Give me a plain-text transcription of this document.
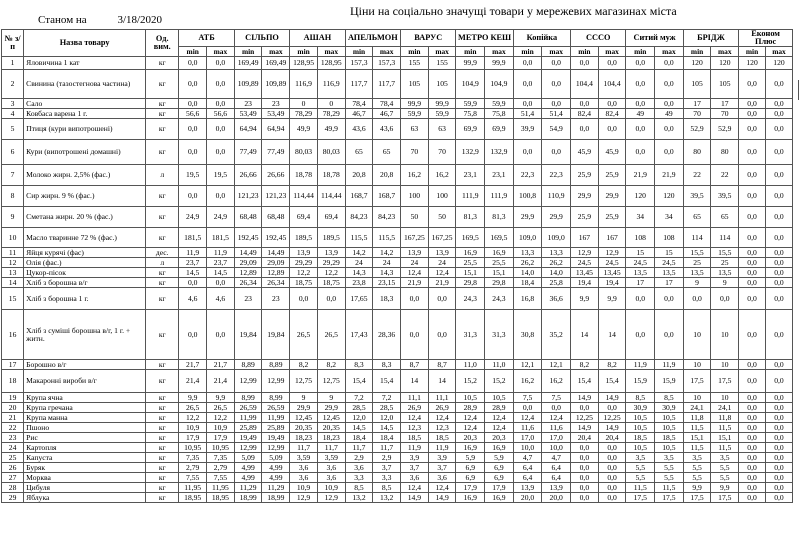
Станом на	3/18/2020
Ціни на соціально значущі товари у мережевих магазинах міста
№ з/п	Назва товару	Од. вим.	АТБ		СІЛЬПО		АШАН		АПЕЛЬМОН		ВАРУС		МЕТРО КЕШ		Копійка		СССО		Ситий муж		БРІДЖ		Економ Плюс	
			min	max	min	max	min	max	min	max	min	max	min	max	min	max	min	max	min	max	min	max	min	max
1	Яловичина 1 кат	кг	0,0	0,0	169,49	169,49	128,95	128,95	157,3	157,3	155	155	99,9	99,9	0,0	0,0	0,0	0,0	0,0	0,0	120	120	120	120
2	Свинина (тазостегнова частина)	кг	0,0	0,0	109,89	109,89	116,9	116,9	117,7	117,7	105	105	104,9	104,9	0,0	0,0	104,4	104,4	0,0	0,0	105	105	0,0	0,0
3	Сало	кг	0,0	0,0	23	23	0	0	78,4	78,4	99,9	99,9	59,9	59,9	0,0	0,0	0,0	0,0	0,0	0,0	17	17	0,0	0,0
4	Ковбаса варена 1 г.	кг	56,6	56,6	53,49	53,49	78,29	78,29	46,7	46,7	59,9	59,9	75,8	75,8	51,4	51,4	82,4	82,4	49	49	70	70	0,0	0,0
5	Птиця (кури випотрошені)	кг	0,0	0,0	64,94	64,94	49,9	49,9	43,6	43,6	63	63	69,9	69,9	39,9	54,9	0,0	0,0	0,0	0,0	52,9	52,9	0,0	0,0
6	Кури (випотрошені домашні)	кг	0,0	0,0	77,49	77,49	80,03	80,03	65	65	70	70	132,9	132,9	0,0	0,0	45,9	45,9	0,0	0,0	80	80	0,0	0,0
7	Молоко жирн. 2,5% (фас.)	л	19,5	19,5	26,66	26,66	18,78	18,78	20,8	20,8	16,2	16,2	23,1	23,1	22,3	22,3	25,9	25,9	21,9	21,9	22	22	0,0	0,0
8	Сир жирн. 9 % (фас.)	кг	0,0	0,0	121,23	121,23	114,44	114,44	168,7	168,7	100	100	111,9	111,9	100,8	110,9	29,9	29,9	120	120	39,5	39,5	0,0	0,0
9	Сметана жирн. 20 % (фас.)	кг	24,9	24,9	68,48	68,48	69,4	69,4	84,23	84,23	50	50	81,3	81,3	29,9	29,9	25,9	25,9	34	34	65	65	0,0	0,0
10	Масло тваринне 72 % (фас.)	кг	181,5	181,5	192,45	192,45	189,5	189,5	115,5	115,5	167,25	167,25	169,5	169,5	109,0	109,0	167	167	108	108	114	114	0,0	0,0
11	Яйця курячі (фас)	дес.	11,9	11,9	14,49	14,49	13,9	13,9	14,2	14,2	13,9	13,9	16,9	16,9	13,3	13,3	12,9	12,9	15	15	15,5	15,5	0,0	0,0
12	Олія (фас.)	л	23,7	23,7	29,09	29,09	29,29	29,29	24	24	24	24	25,5	25,5	26,2	26,2	24,5	24,5	24,5	24,5	25	25	0,0	0,0
13	Цукор-пісок	кг	14,5	14,5	12,89	12,89	12,2	12,2	14,3	14,3	12,4	12,4	15,1	15,1	14,0	14,0	13,45	13,45	13,5	13,5	13,5	13,5	0,0	0,0
14	Хліб з борошна в/г	кг	0,0	0,0	26,34	26,34	18,75	18,75	23,8	23,15	21,9	21,9	29,8	29,8	18,4	25,8	19,4	19,4	17	17	9	9	0,0	0,0
15	Хліб з борошна 1 г.	кг	4,6	4,6	23	23	0,0	0,0	17,65	18,3	0,0	0,0	24,3	24,3	16,8	36,6	9,9	9,9	0,0	0,0	0,0	0,0	0,0	0,0
16	Хліб з суміші борошна в/г, 1 г. + житн.	кг	0,0	0,0	19,84	19,84	26,5	26,5	17,43	28,36	0,0	0,0	31,3	31,3	30,8	35,2	14	14	0,0	0,0	10	10	0,0	0,0
17	Борошно в/г	кг	21,7	21,7	8,89	8,89	8,2	8,2	8,3	8,3	8,7	8,7	11,0	11,0	12,1	12,1	8,2	8,2	11,9	11,9	10	10	0,0	0,0
18	Макаронні вироби в/г	кг	21,4	21,4	12,99	12,99	12,75	12,75	15,4	15,4	14	14	15,2	15,2	16,2	16,2	15,4	15,4	15,9	15,9	17,5	17,5	0,0	0,0
19	Крупа ячна	кг	9,9	9,9	8,99	8,99	9	9	7,2	7,2	11,1	11,1	10,5	10,5	7,5	7,5	14,9	14,9	8,5	8,5	10	10	0,0	0,0
20	Крупа гречана	кг	26,5	26,5	26,59	26,59	29,9	29,9	28,5	28,5	26,9	26,9	28,9	28,9	0,0	0,0	0,0	0,0	30,9	30,9	24,1	24,1	0,0	0,0
21	Крупа манна	кг	12,2	12,2	11,99	11,99	12,45	12,45	12,0	12,0	12,4	12,4	12,4	12,4	12,4	12,4	12,25	12,25	10,5	10,5	11,8	11,8	0,0	0,0
22	Пшоно	кг	10,9	10,9	25,89	25,89	20,35	20,35	14,5	14,5	12,3	12,3	12,4	12,4	11,6	11,6	14,9	14,9	10,5	10,5	11,5	11,5	0,0	0,0
23	Рис	кг	17,9	17,9	19,49	19,49	18,23	18,23	18,4	18,4	18,5	18,5	20,3	20,3	17,0	17,0	20,4	20,4	18,5	18,5	15,1	15,1	0,0	0,0
24	Картопля	кг	10,95	10,95	12,99	12,99	11,7	11,7	11,7	11,7	11,9	11,9	16,9	16,9	10,0	10,0	0,0	0,0	10,5	10,5	11,5	11,5	0,0	0,0
25	Капуста	кг	7,35	7,35	5,09	5,09	3,59	3,59	2,9	2,9	3,9	3,9	5,9	5,9	4,7	4,7	0,0	0,0	3,5	3,5	3,5	3,5	0,0	0,0
26	Буряк	кг	2,79	2,79	4,99	4,99	3,6	3,6	3,6	3,7	3,7	3,7	6,9	6,9	6,4	6,4	0,0	0,0	5,5	5,5	5,5	5,5	0,0	0,0
27	Морква	кг	7,55	7,55	4,99	4,99	3,6	3,6	3,3	3,3	3,6	3,6	6,9	6,9	6,4	6,4	0,0	0,0	5,5	5,5	5,5	5,5	0,0	0,0
28	Цибуля	кг	11,95	11,95	11,29	11,29	10,9	10,9	8,5	8,5	12,4	12,4	17,9	17,9	13,9	13,9	0,0	0,0	11,5	11,5	9,9	9,9	0,0	0,0
29	Яблука	кг	18,95	18,95	18,99	18,99	12,9	12,9	13,2	13,2	14,9	14,9	16,9	16,9	20,0	20,0	0,0	0,0	17,5	17,5	17,5	17,5	0,0	0,0
